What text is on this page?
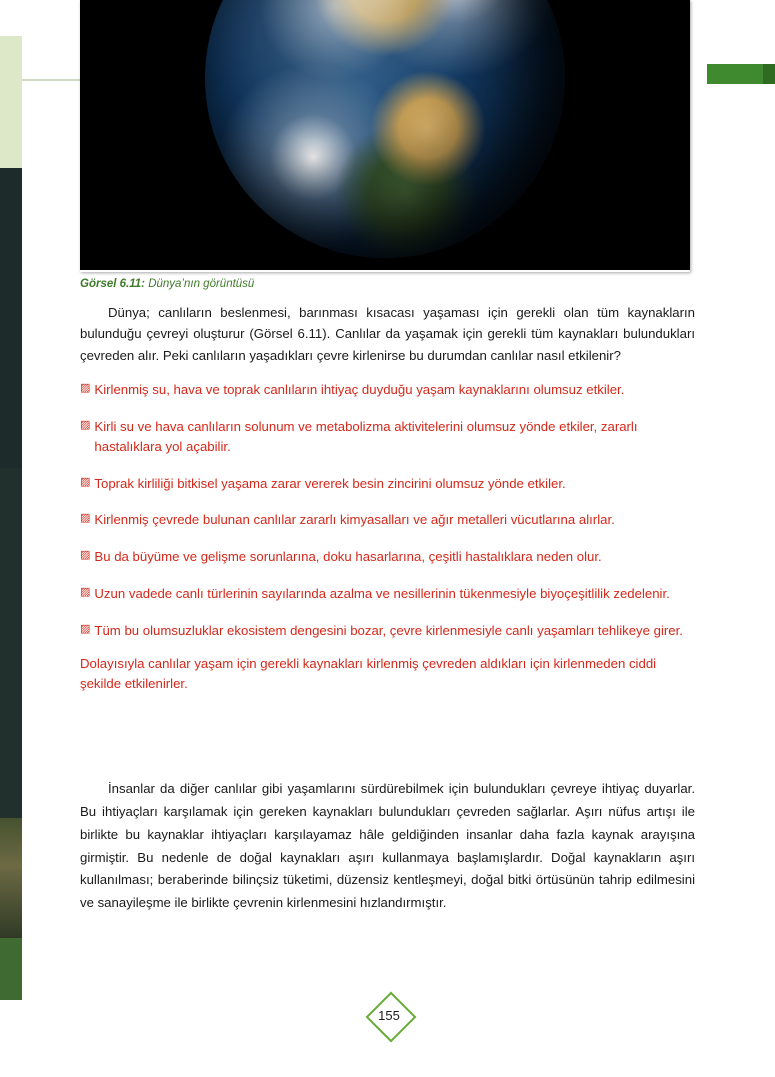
Görsel 6.11: Dünya’nın görüntüsü
Dünya; canlıların beslenmesi, barınması kısacası yaşaması için gerekli olan tüm kaynakların bulunduğu çevreyi oluşturur (Görsel 6.11). Canlılar da yaşamak için gerekli tüm kaynakları bulundukları çevreden alır. Peki canlıların yaşadıkları çevre kirlenirse bu durumdan canlılar nasıl etkilenir?
▨ Kirlenmiş su, hava ve toprak canlıların ihtiyaç duyduğu yaşam kaynaklarını olumsuz etkiler.
▨ Kirli su ve hava canlıların solunum ve metabolizma aktivitelerini olumsuz yönde etkiler, zararlı hastalıklara yol açabilir.
▨ Toprak kirliliği bitkisel yaşama zarar vererek besin zincirini olumsuz yönde etkiler.
▨ Kirlenmiş çevrede bulunan canlılar zararlı kimyasalları ve ağır metalleri vücutlarına alırlar.
▨ Bu da büyüme ve gelişme sorunlarına, doku hasarlarına, çeşitli hastalıklara neden olur.
▨ Uzun vadede canlı türlerinin sayılarında azalma ve nesillerinin tükenmesiyle biyoçeşitlilik zedelenir.
▨ Tüm bu olumsuzluklar ekosistem dengesini bozar, çevre kirlenmesiyle canlı yaşamları tehlikeye girer.
Dolayısıyla canlılar yaşam için gerekli kaynakları kirlenmiş çevreden aldıkları için kirlenmeden ciddi şekilde etkilenirler.
İnsanlar da diğer canlılar gibi yaşamlarını sürdürebilmek için bulundukları çevreye ihtiyaç duyarlar. Bu ihtiyaçları karşılamak için gereken kaynakları bulundukları çevreden sağlarlar. Aşırı nüfus artışı ile birlikte bu kaynaklar ihtiyaçları karşılayamaz hâle geldiğinden insanlar daha fazla kaynak arayışına girmiştir. Bu nedenle de doğal kaynakları aşırı kullanmaya başlamışlardır. Doğal kaynakların aşırı kullanılması; beraberinde bilinçsiz tüketimi, düzensiz kentleşmeyi, doğal bitki örtüsünün tahrip edilmesini ve sanayileşme ile birlikte çevrenin kirlenmesini hızlandırmıştır.
155
